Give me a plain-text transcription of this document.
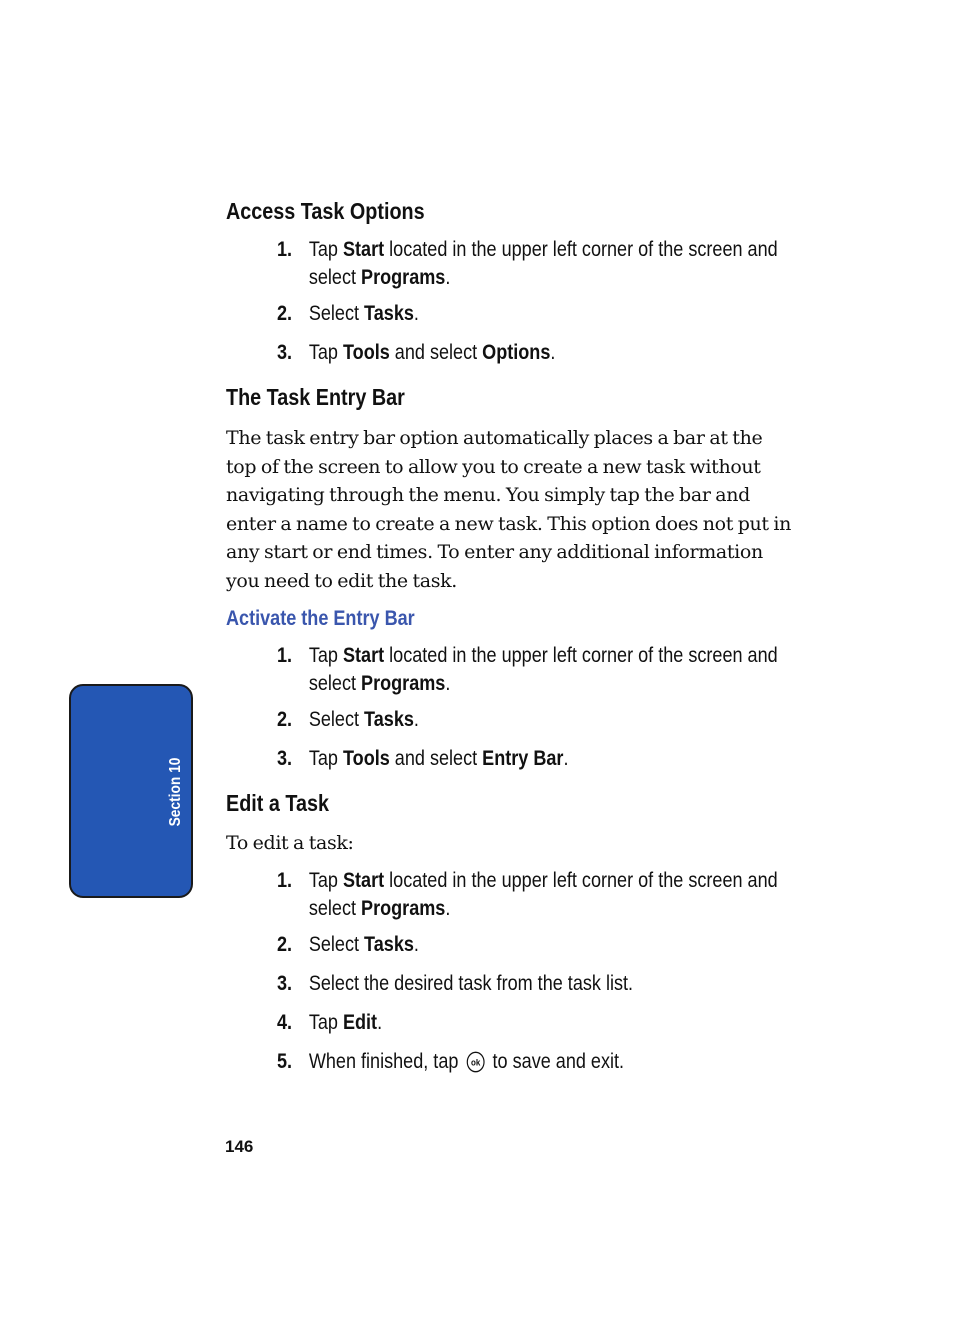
Section 10
Access Task Options
1. Tap Start located in the upper left corner of the screen and select Programs.
2. Select Tasks.
3. Tap Tools and select Options.
The Task Entry Bar

The task entry bar option automatically places a bar at the top of the screen to allow you to create a new task without navigating through the menu. You simply tap the bar and enter a name to create a new task. This option does not put in any start or end times. To enter any additional information you need to edit the task.

Activate the Entry Bar
1. Tap Start located in the upper left corner of the screen and select Programs.
2. Select Tasks.
3. Tap Tools and select Entry Bar.
Edit a Task

To edit a task:

1. Tap Start located in the upper left corner of the screen and select Programs.
2. Select Tasks.
3. Select the desired task from the task list.
4. Tap Edit.
5. When finished, tap ok to save and exit.
146
